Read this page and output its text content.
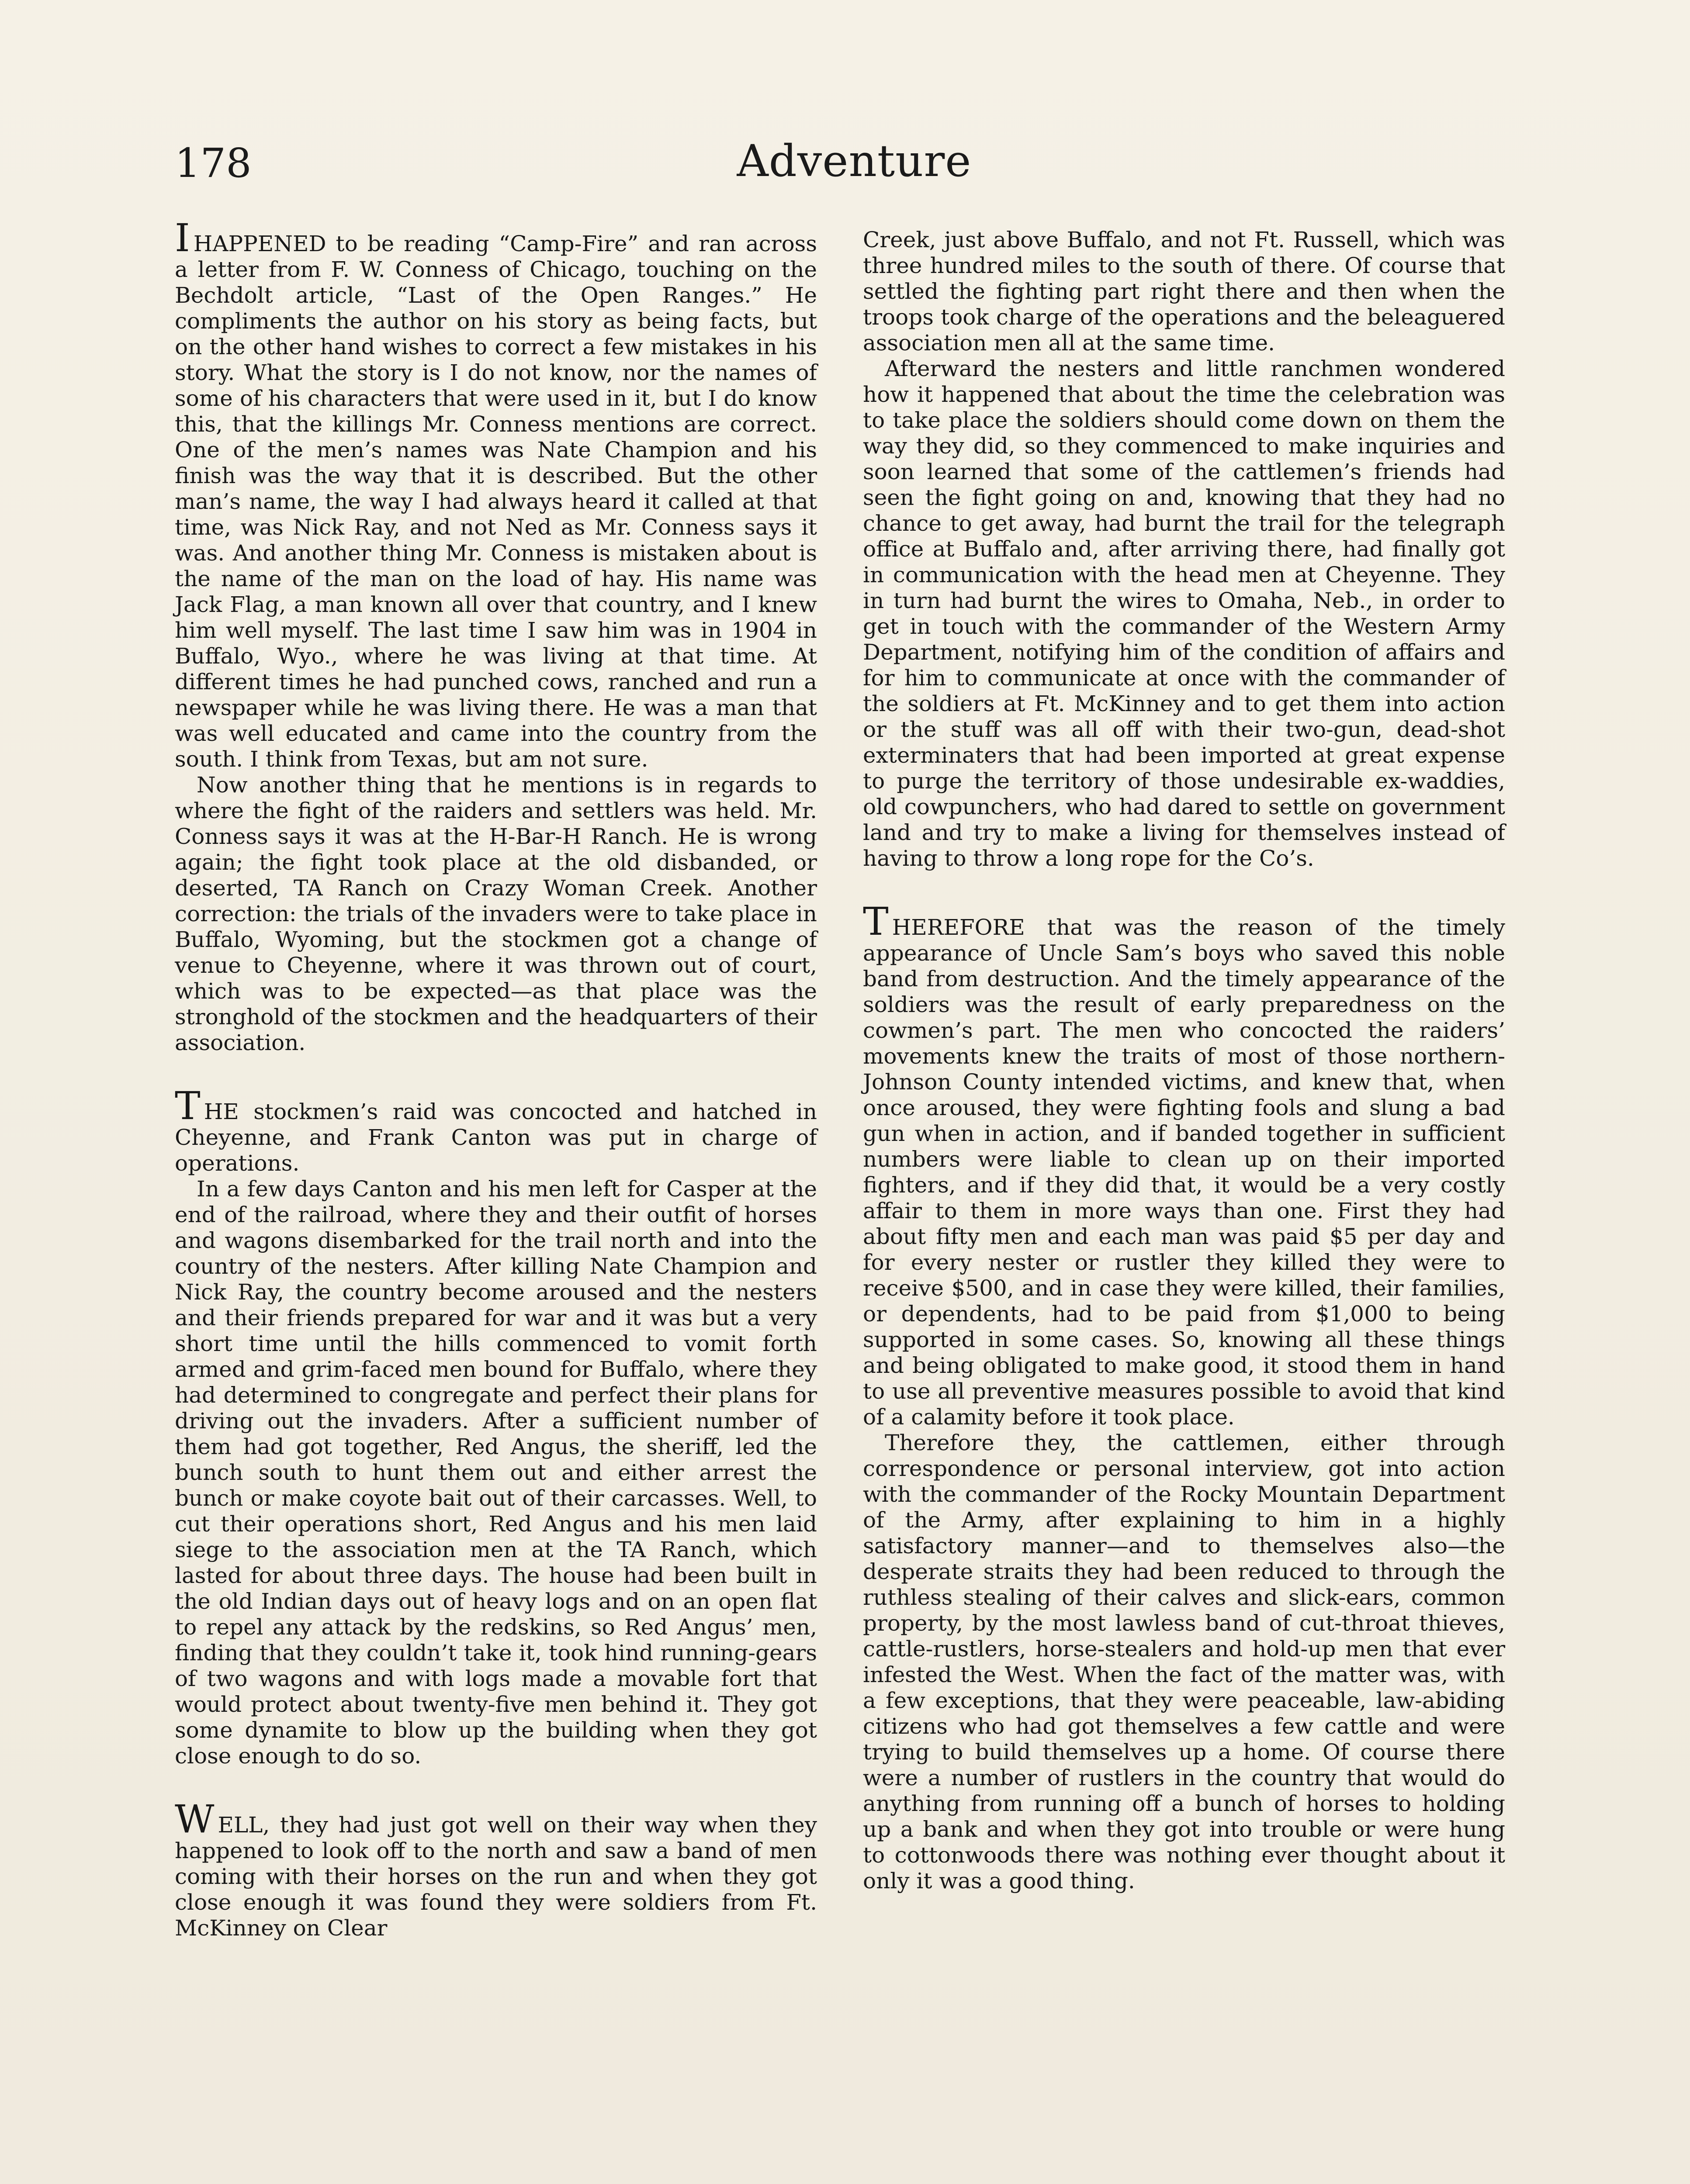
178	Adventure

IHAPPENED to be reading “Camp-Fire” and ran across a letter from F. W. Conness of Chicago, touching on the Bechdolt article, “Last of the Open Ranges.” He compliments the author on his story as being facts, but on the other hand wishes to correct a few mistakes in his story. What the story is I do not know, nor the names of some of his characters that were used in it, but I do know this, that the killings Mr. Conness mentions are correct. One of the men’s names was Nate Champion and his finish was the way that it is described. But the other man’s name, the way I had always heard it called at that time, was Nick Ray, and not Ned as Mr. Conness says it was. And another thing Mr. Conness is mistaken about is the name of the man on the load of hay. His name was Jack Flag, a man known all over that country, and I knew him well myself. The last time I saw him was in 1904 in Buffalo, Wyo., where he was living at that time. At different times he had punched cows, ranched and run a newspaper while he was living there. He was a man that was well educated and came into the country from the south. I think from Texas, but am not sure.

Now another thing that he mentions is in regards to where the fight of the raiders and settlers was held. Mr. Conness says it was at the H-Bar-H Ranch. He is wrong again; the fight took place at the old disbanded, or deserted, TA Ranch on Crazy Woman Creek. Another correction: the trials of the invaders were to take place in Buffalo, Wyoming, but the stockmen got a change of venue to Cheyenne, where it was thrown out of court, which was to be expected—as that place was the stronghold of the stockmen and the headquarters of their association.

THE stockmen’s raid was concocted and hatched in Cheyenne, and Frank Canton was put in charge of operations.

In a few days Canton and his men left for Casper at the end of the railroad, where they and their outfit of horses and wagons disembarked for the trail north and into the country of the nesters. After killing Nate Champion and Nick Ray, the country become aroused and the nesters and their friends prepared for war and it was but a very short time until the hills commenced to vomit forth armed and grim-faced men bound for Buffalo, where they had determined to congregate and perfect their plans for driving out the invaders. After a sufficient number of them had got together, Red Angus, the sheriff, led the bunch south to hunt them out and either arrest the bunch or make coyote bait out of their carcasses. Well, to cut their operations short, Red Angus and his men laid siege to the association men at the TA Ranch, which lasted for about three days. The house had been built in the old Indian days out of heavy logs and on an open flat to repel any attack by the redskins, so Red Angus’ men, finding that they couldn’t take it, took hind running-gears of two wagons and with logs made a movable fort that would protect about twenty-five men behind it. They got some dynamite to blow up the building when they got close enough to do so.

WELL, they had just got well on their way when they happened to look off to the north and saw a band of men coming with their horses on the run and when they got close enough it was found they were soldiers from Ft. McKinney on Clear

Creek, just above Buffalo, and not Ft. Russell, which was three hundred miles to the south of there. Of course that settled the fighting part right there and then when the troops took charge of the operations and the beleaguered association men all at the same time.

Afterward the nesters and little ranchmen wondered how it happened that about the time the celebration was to take place the soldiers should come down on them the way they did, so they commenced to make inquiries and soon learned that some of the cattlemen’s friends had seen the fight going on and, knowing that they had no chance to get away, had burnt the trail for the telegraph office at Buffalo and, after arriving there, had finally got in communication with the head men at Cheyenne. They in turn had burnt the wires to Omaha, Neb., in order to get in touch with the commander of the Western Army Department, notifying him of the condition of affairs and for him to communicate at once with the commander of the soldiers at Ft. McKinney and to get them into action or the stuff was all off with their two-gun, dead-shot exterminaters that had been imported at great expense to purge the territory of those undesirable ex-waddies, old cowpunchers, who had dared to settle on government land and try to make a living for themselves instead of having to throw a long rope for the Co’s.

THEREFORE that was the reason of the timely appearance of Uncle Sam’s boys who saved this noble band from destruction. And the timely appearance of the soldiers was the result of early preparedness on the cowmen’s part. The men who concocted the raiders’ movements knew the traits of most of those northern-Johnson County intended victims, and knew that, when once aroused, they were fighting fools and slung a bad gun when in action, and if banded together in sufficient numbers were liable to clean up on their imported fighters, and if they did that, it would be a very costly affair to them in more ways than one. First they had about fifty men and each man was paid $5 per day and for every nester or rustler they killed they were to receive $500, and in case they were killed, their families, or dependents, had to be paid from $1,000 to being supported in some cases. So, knowing all these things and being obligated to make good, it stood them in hand to use all preventive measures possible to avoid that kind of a calamity before it took place.

Therefore they, the cattlemen, either through correspondence or personal interview, got into action with the commander of the Rocky Mountain Department of the Army, after explaining to him in a highly satisfactory manner—and to themselves also—the desperate straits they had been reduced to through the ruthless stealing of their calves and slick-ears, common property, by the most lawless band of cut-throat thieves, cattle-rustlers, horse-stealers and hold-up men that ever infested the West. When the fact of the matter was, with a few exceptions, that they were peaceable, law-abiding citizens who had got themselves a few cattle and were trying to build themselves up a home. Of course there were a number of rustlers in the country that would do anything from running off a bunch of horses to holding up a bank and when they got into trouble or were hung to cottonwoods there was nothing ever thought about it only it was a good thing.
